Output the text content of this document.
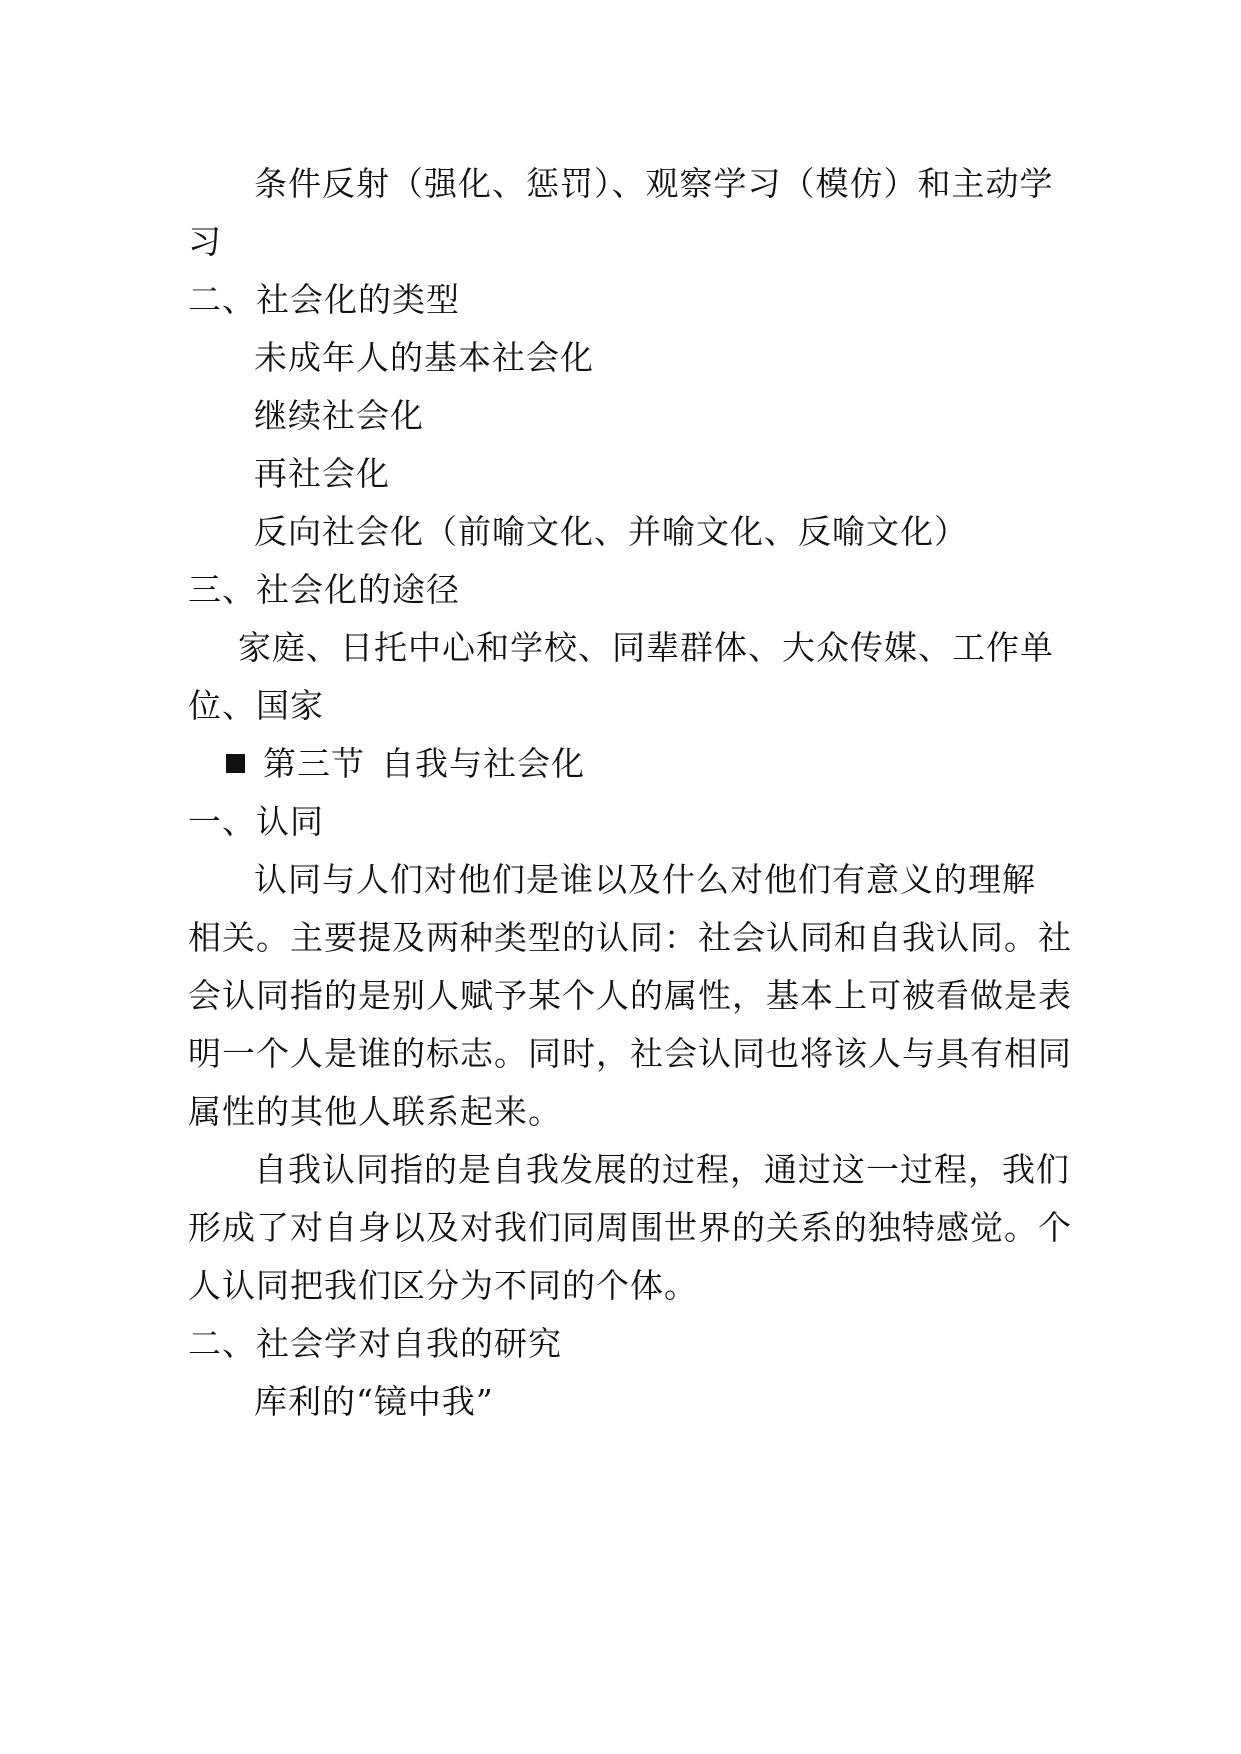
条件反射（强化、惩罚）、观察学习（模仿）和主动学
习
二、社会化的类型
未成年人的基本社会化
继续社会化
再社会化
反向社会化（前喻文化、并喻文化、反喻文化）
三、社会化的途径
家庭、日托中心和学校、同辈群体、大众传媒、工作单
位、国家
第三节 自我与社会化
一、认同
认同与人们对他们是谁以及什么对他们有意义的理解
相关。主要提及两种类型的认同：社会认同和自我认同。社
会认同指的是别人赋予某个人的属性，基本上可被看做是表
明一个人是谁的标志。同时，社会认同也将该人与具有相同
属性的其他人联系起来。
自我认同指的是自我发展的过程，通过这一过程，我们
形成了对自身以及对我们同周围世界的关系的独特感觉。个
人认同把我们区分为不同的个体。
二、社会学对自我的研究
库利的“镜中我”
